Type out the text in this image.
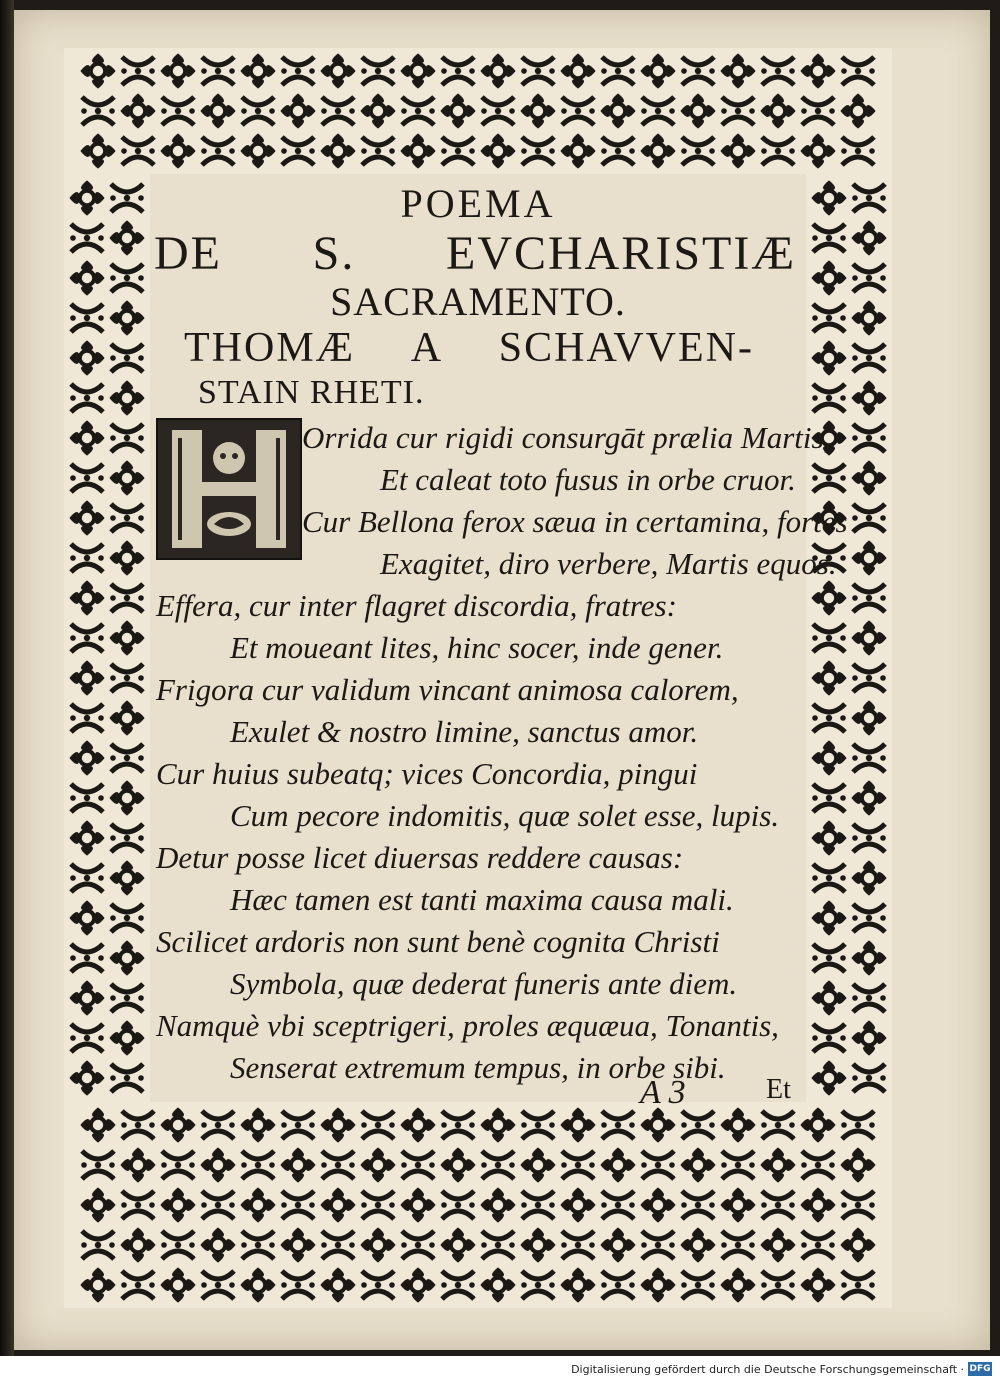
POEMA
DE S. EVCHARISTIÆ
SACRAMENTO.
THOMÆ A SCHAVVEN-
STAIN RHETI.
Orrida cur rigidi consurgāt prælia Martis,
Et caleat toto fusus in orbe cruor.
Cur Bellona ferox sæua in certamina, fortes
Exagitet, diro verbere, Martis equos.
Effera, cur inter flagret discordia, fratres:
Et moueant lites, hinc socer, inde gener.
Frigora cur validum vincant animosa calorem,
Exulet & nostro limine, sanctus amor.
Cur huius subeatq; vices Concordia, pingui
Cum pecore indomitis, quæ solet esse, lupis.
Detur posse licet diuersas reddere causas:
Hæc tamen est tanti maxima causa mali.
Scilicet ardoris non sunt benè cognita Christi
Symbola, quæ dederat funeris ante diem.
Namquè vbi sceptrigeri, proles æquæua, Tonantis,
Senserat extremum tempus, in orbe sibi.
A 3	Et
Digitalisierung gefördert durch die Deutsche Forschungsgemeinschaft · DFG
